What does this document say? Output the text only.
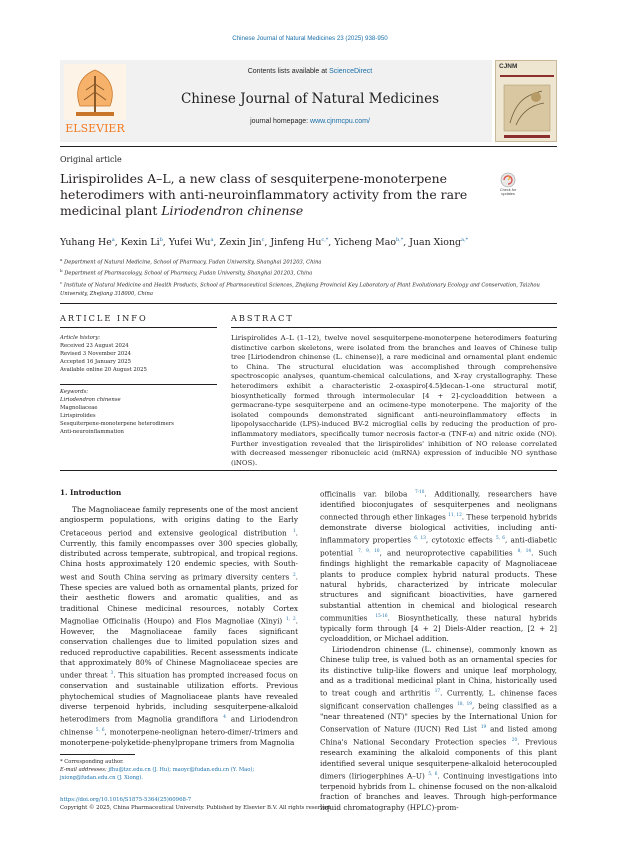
Chinese Journal of Natural Medicines 23 (2025) 938-950
ELSEVIER
Contents lists available at ScienceDirect
Chinese Journal of Natural Medicines
journal homepage: www.cjnmcpu.com/
CJNM
Original article
Lirispirolides A–L, a new class of sesquiterpene-monoterpene heterodimers with anti-neuroinflammatory activity from the rare medicinal plant Liriodendron chinense
Check for updates
Yuhang He$^a$, Kexin Li$^b$, Yufei Wu$^a$, Zexin Jin$^c$, Jinfeng $Hu^{c,*}$, Yicheng Mao$^{b,*}$, Juan Xiong$^{a,*}$
$^a$ Department of Natural Medicine, School of Pharmacy, Fudan University, Shanghai 201203, China
$^b$ Department of Pharmacology, School of Pharmacy, Fudan University, Shanghai 201203, China
$^c$ Institute of Natural Medicine and Health Products, School of Pharmaceutical Sciences, Zhejiang Provincial Key Laboratory of Plant Evolutionary Ecology and Conservation, Taizhou University, Zhejiang 318000, China
ARTICLE INFO	ABSTRACT
Article history:
Received 23 August 2024
Revised 3 November 2024
Accepted 16 January 2025
Available online 20 August 2025
Keywords:
Liriodendron chinense
Magnoliaceae
Lirispirolides
Sesquiterpene-monoterpene heterodimers
Anti-neuroinflammation
Lirispirolides A–L (1–12), twelve novel sesquiterpene-monoterpene heterodimers featuring distinctive carbon skeletons, were isolated from the branches and leaves of Chinese tulip tree [Liriodendron chinense (L. chinense)], a rare medicinal and ornamental plant endemic to China. The structural elucidation was accomplished through comprehensive spectroscopic analyses, quantum-chemical calculations, and X-ray crystallography. These heterodimers exhibit a characteristic 2-oxaspiro[4.5]decan-1-one structural motif, biosynthetically formed through intermolecular [4 + 2]-cycloaddition between a germacrane-type sesquiterpene and an ocimene-type monoterpene. The majority of the isolated compounds demonstrated significant anti-neuroinflammatory effects in lipopolysaccharide (LPS)-induced BV-2 microglial cells by reducing the production of pro-inflammatory mediators, specifically tumor necrosis factor-α (TNF-α) and nitric oxide (NO). Further investigation revealed that the lirispirolides' inhibition of NO release correlated with decreased messenger ribonucleic acid (mRNA) expression of inducible NO synthase (iNOS).
1. Introduction
The Magnoliaceae family represents one of the most ancient angiosperm populations, with origins dating to the Early Cretaceous period and extensive geological distribution $^1$. Currently, this family encompasses over 300 species globally, distributed across temperate, subtropical, and tropical regions. China hosts approximately 120 endemic species, with South-west and South China serving as primary diversity centers $^2$. These species are valued both as ornamental plants, prized for their aesthetic flowers and aromatic qualities, and as traditional Chinese medicinal resources, notably Cortex Magnoliae Officinalis (Houpo) and Flos Magnoliae (Xinyi) $^{1, 2}$. However, the Magnoliaceae family faces significant conservation challenges due to limited population sizes and reduced reproductive capabilities. Recent assessments indicate that approximately 80% of Chinese Magnoliaceae species are under threat $^3$. This situation has prompted increased focus on conservation and sustainable utilization efforts. Previous phytochemical studies of Magnoliaceae plants have revealed diverse terpenoid hybrids, including sesquiterpene-alkaloid heterodimers from Magnolia grandiflora $^4$ and Liriodendron chinense $^{5, 6}$, monoterpene-neolignan hetero-dimer/-trimers and monoterpene-polyketide-phenylpropane trimers from Magnolia

officinalis var. biloba $^{7-10}$. Additionally, researchers have identified bioconjugates of sesquiterpenes and neolignans connected through ether linkages $^{11, 12}$. These terpenoid hybrids demonstrate diverse biological activities, including anti-inflammatory properties $^{6, 13}$, cytotoxic effects $^{5, 6}$, anti-diabetic potential $^{7, 9, 10}$, and neuroprotective capabilities $^{8, 14}$. Such findings highlight the remarkable capacity of Magnoliaceae plants to produce complex hybrid natural products. These natural hybrids, characterized by intricate molecular structures and significant bioactivities, have garnered substantial attention in chemical and biological research communities $^{15-16}$. Biosynthetically, these natural hybrids typically form through [4 + 2] Diels-Alder reaction, [2 + 2] cycloaddition, or Michael addition.

Liriodendron chinense (L. chinense), commonly known as Chinese tulip tree, is valued both as an ornamental species for its distinctive tulip-like flowers and unique leaf morphology, and as a traditional medicinal plant in China, historically used to treat cough and arthritis $^{17}$. Currently, L. chinense faces significant conservation challenges $^{18, 19}$, being classified as a "near threatened (NT)" species by the International Union for Conservation of Nature (IUCN) Red List $^{19}$ and listed among China's National Secondary Protection species $^{20}$. Previous research examining the alkaloid components of this plant identified several unique sesquiterpene-alkaloid heterocoupled dimers (liriogerphines A–U) $^{5, 6}$. Continuing investigations into terpenoid hybrids from L. chinense focused on the non-alkaloid fraction of branches and leaves. Through high-performance liquid chromatography (HPLC)-prom-

* Corresponding author.
E-mail addresses: jfhu@tzc.edu.cn (J. Hu); maoyc@fudan.edu.cn (Y. Mao); jxiong@fudan.edu.cn (J. Xiong).
https://doi.org/10.1016/S1875-5364(25)60968-7
Copyright © 2025, China Pharmaceutical University. Published by Elsevier B.V. All rights reserved.
